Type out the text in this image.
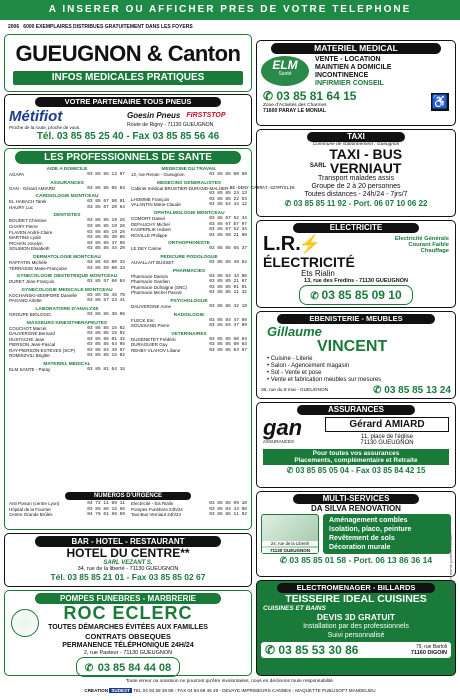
A INSERER OU AFFICHER PRES DE VOTRE TELEPHONE
2006 6000 EXEMPLAIRES DISTRIBUES GRATUITEMENT DANS LES FOYERS
GUEUGNON & Canton
INFOS MEDICALES PRATIQUES
VOTRE PARTENAIRE TOUS PNEUS
Métifiot
Proche de la route, proche de vous.
Goesin Pneus FIRSTSTOP
Route de Rigny - 71130 GUEUGNON
Tél. 03 85 85 25 40 - Fax 03 85 85 56 46
LES PROFESSIONNELS DE SANTE
AIDE A DOMICILE
AGAPA	03 85 85 13 67
ASSURANCES
GAN - Gérard AMIARD	03 85 85 05 04
CARDIOLOGIE MONTCEAU
EL HABACH Tarek	03 85 67 60 91
HAURY Luc	03 85 67 20 64
DENTISTES
BOUDET Christine	03 85 85 19 26
CHARY Pierre	03 85 85 19 26
FLAVEN André-Claire	03 85 85 19 26
MARTINS Lydie	03 85 85 30 06
PICHAN Jocelyn	03 85 85 47 98
SOLIMON Elisabeth	03 85 85 44 20
DERMATOLOGIE MONTCEAU
RAFFATIN Michèle	03 85 69 00 33
TERRASSE Marie-Françoise	03 85 69 00 33
GYNECOLOGIE OBSTETRIQUE MONTCEAU
DURET Jean-François	03 85 57 60 04
GYNECOLOGIE MEDICALE MONTCEAU
KOCHANSKI-SEMPORE Danielle 03 85 58 45 70
PAGAND Arlette	03 85 57 23 41
LABORATOIRE D'ANALYSE
GROUPE BIOLOGIC	03 85 85 38 06
MASSEURS KINESITHERAPEUTES
COUCHOT Marcel	03 85 85 15 02
DAUVERGNE Bernard	03 85 85 15 02
HUSTACHE Jean	03 85 85 01 42
PIERSON Jean-Pascal	03 85 85 64 95
RAY-PIERSON-ESTEVES (SCP)	03 85 84 49 57
ROMISZVILI Brigitte	03 85 85 15 02
MATERIEL MEDICAL
ELM SANTE - Paray	03 85 81 64 15
MEDECINE DU TRAVAIL
12, rue Renan - Gueugnon	03 85 85 00 50
MEDECINS GENERALISTES
Cabinet médical BRUSTIER-DURAND-MALHER- BE-DENY-CARRAT-SZYMYSLIK
03 85 85 24 13
LHOMME François	03 85 85 22 54
VALANTIN Marie-Claude	03 85 64 44 12
OPHTALMOLOGIE MONTCEAU
COMORT Daniel	03 85 67 52 34
DEFAUCHY Michel	03 85 67 67 97
KASPERLIK Hubert	03 85 67 52 34
ROVILLE Philippe	03 85 58 21 60
ORTHOPHONISTE
LE DEY Carine	03 85 85 65 37
PEDICURE PODOLOGUE
AUVALLAIT BUSSET	03 85 85 49 62
PHARMACIES
Pharmacie Danion	03 85 84 43 06
Pharmacie Gardien	03 85 85 21 67
Pharmacie Dufraigne (SNC)	03 85 85 01 01
Pharmacie Michel Pascal	03 85 85 11 32
PSYCHOLOGUE
DAUVERGNE Anne	03 85 85 42 19
RADIOLOGIE
FLECK Eric	03 85 84 47 89
SOUSSAND Pierre	03 85 84 47 89
VETERINAIRES
DUGENETET Frédéric	03 85 85 60 84
DURAGUIER Guy	03 85 85 60 84
REHBY VLAHOV Liliane	03 85 85 03 67
NUMEROS D'URGENCE
Anti Poison (centre Lyon)	04 72 11 69 11
Hôpital de la Fourrier	03 85 85 15 56
Centre Grands Brûlés	04 78 61 89 50
Electricité - Eis Rialin	03 85 85 09 10
Pompes Funèbres 24h/24	03 85 84 44 08
Taxi-Bus Verniaut 24h/24	03 85 85 11 92
BAR - HOTEL - RESTAURANT
HOTEL DU CENTRE**
SARL VEZANT S.
34, rue de la liberté - 71130 GUEUGNON
Tél. 03 85 85 21 01 - Fax 03 85 85 02 67
POMPES FUNEBRES - MARBRERIE
ROC ECLERC
TOUTES DÉMARCHES ÉVITÉES AUX FAMILLES
CONTRATS OBSEQUES
PERMANENCE TÉLÉPHONIQUE 24H/24
2, rue Pasteur - 71130 GUEUGNON
✆ 03 85 84 44 08
MATERIEL MEDICAL
ELM
Santé
VENTE - LOCATION
MAINTIEN A DOMICILE
INCONTINENCE
INFIRMIER CONSEIL
✆ 03 85 81 64 15
Zone d'Activités des Charmes
71600 PARAY LE MONIAL
♿
TAXI
Commune de stationnement : Gueugnon
SARL
TAXI - BUS
VERNIAUT
Transport malades assis
Groupe de 2 à 20 personnes
Toutes distances - 24h/24 - 7jrs/7
✆ 03 85 85 11 92 - Port. 06 07 10 06 22
ELECTRICITE
L.R.
⚡
ÉLECTRICITÉ
Ets Rialin
Electricité Générale
Courant Faible
Chauffage
13, rue des Fredins - 71130 GUEUGNON
✆ 03 85 85 09 10
EBENISTERIE - MEUBLES
Gillaume
VINCENT
• Cuisine - Literie
• Salon - Agencement magasin
• Sol - Vente et pose
• Vente et fabrication meubles sur mesures
36, rue du 8 mai - GUEUGNON	✆ 03 85 85 13 24
ASSURANCES
gan
ASSURANCES
Gérard AMIARD
11, place de l'église
71130 GUEUGNON
Pour toutes vos assurances
Placements, complémentaire et Retraite
✆ 03 85 85 05 04 - Fax 03 85 84 42 15
MULTI-SERVICES
DA SILVA RENOVATION
24, rue de la Liberté
71130 GUEUGNON
Aménagement combles
Isolation, placo, peinture
Revêtement de sols
Décoration murale
✆ 03 85 85 01 58 - Port. 06 13 86 36 14
ELECTROMENAGER - BILLARDS
TEISSEIRE IDEAL CUISINES
CUISINES ET BAINS
DEVIS 3D GRATUIT
Installation par des professionnels
Suivi personnalisé
✆ 03 85 53 30 86	79, rue Bartoli
71160 DIGOIN
Reproduction même partielle interdite
Toute erreur ou omission ne pourront qu'être involontaires, nous en déclinons toute responsabilité.
CREATION SUDEST TEL 04 93 69 38 88 - FAX 04 93 69 46 49 - DEVAYE IMPRIMEURS CANNES - MAQUETTE PUBLISOFT MANDELIEU
